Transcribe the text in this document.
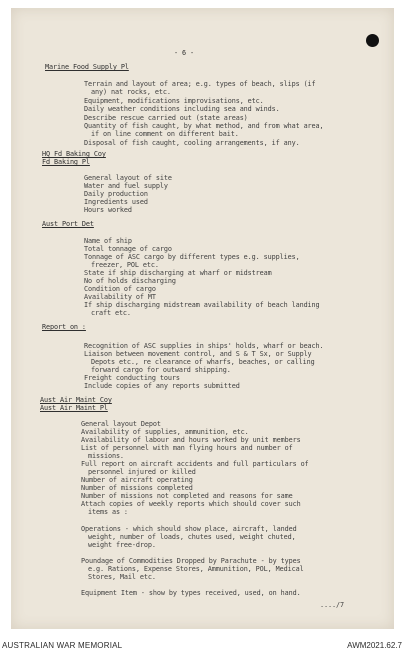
- 6 -
Marine Food Supply Pl
Terrain and layout of area; e.g. types of beach, slips (if
any) nat rocks, etc.
Equipment, modifications improvisations, etc.
Daily weather conditions including sea and winds.
Describe rescue carried out (state areas)
Quantity of fish caught, by what method, and from what area,
if on line comment on different bait.
Disposal of fish caught, cooling arrangements, if any.
HQ Fd Baking Coy
Fd Baking Pl
General layout of site
Water and fuel supply
Daily production
Ingredients used
Hours worked
Aust Port Det
Name of ship
Total tonnage of cargo
Tonnage of ASC cargo by different types e.g. supplies,
freezer, POL etc.
State if ship discharging at wharf or midstream
No of holds discharging
Condition of cargo
Availability of MT
If ship discharging midstream availability of beach landing
craft etc.
Report on :
Recognition of ASC supplies in ships' holds, wharf or beach.
Liaison between movement control, and S & T Sx, or Supply
Depots etc., re clearance of wharfs, beaches, or calling
forward cargo for outward shipping.
Freight conducting tours
Include copies of any reports submitted
Aust Air Maint Coy
Aust Air Maint Pl
General layout Depot
Availability of supplies, ammunition, etc.
Availability of labour and hours worked by unit members
List of personnel with man flying hours and number of
missions.
Full report on aircraft accidents and full particulars of
personnel injured or killed
Number of aircraft operating
Number of missions completed
Number of missions not completed and reasons for same
Attach copies of weekly reports which should cover such
items as :
Operations - which should show place, aircraft, landed
weight, number of loads, chutes used, weight chuted,
weight free-drop.
Poundage of Commodities Dropped by Parachute - by types
e.g. Rations, Expense Stores, Ammunition, POL, Medical
Stores, Mail etc.
Equipment Item - show by types received, used, on hand.
..../7
AUSTRALIAN WAR MEMORIAL	AWM2021.62.7
